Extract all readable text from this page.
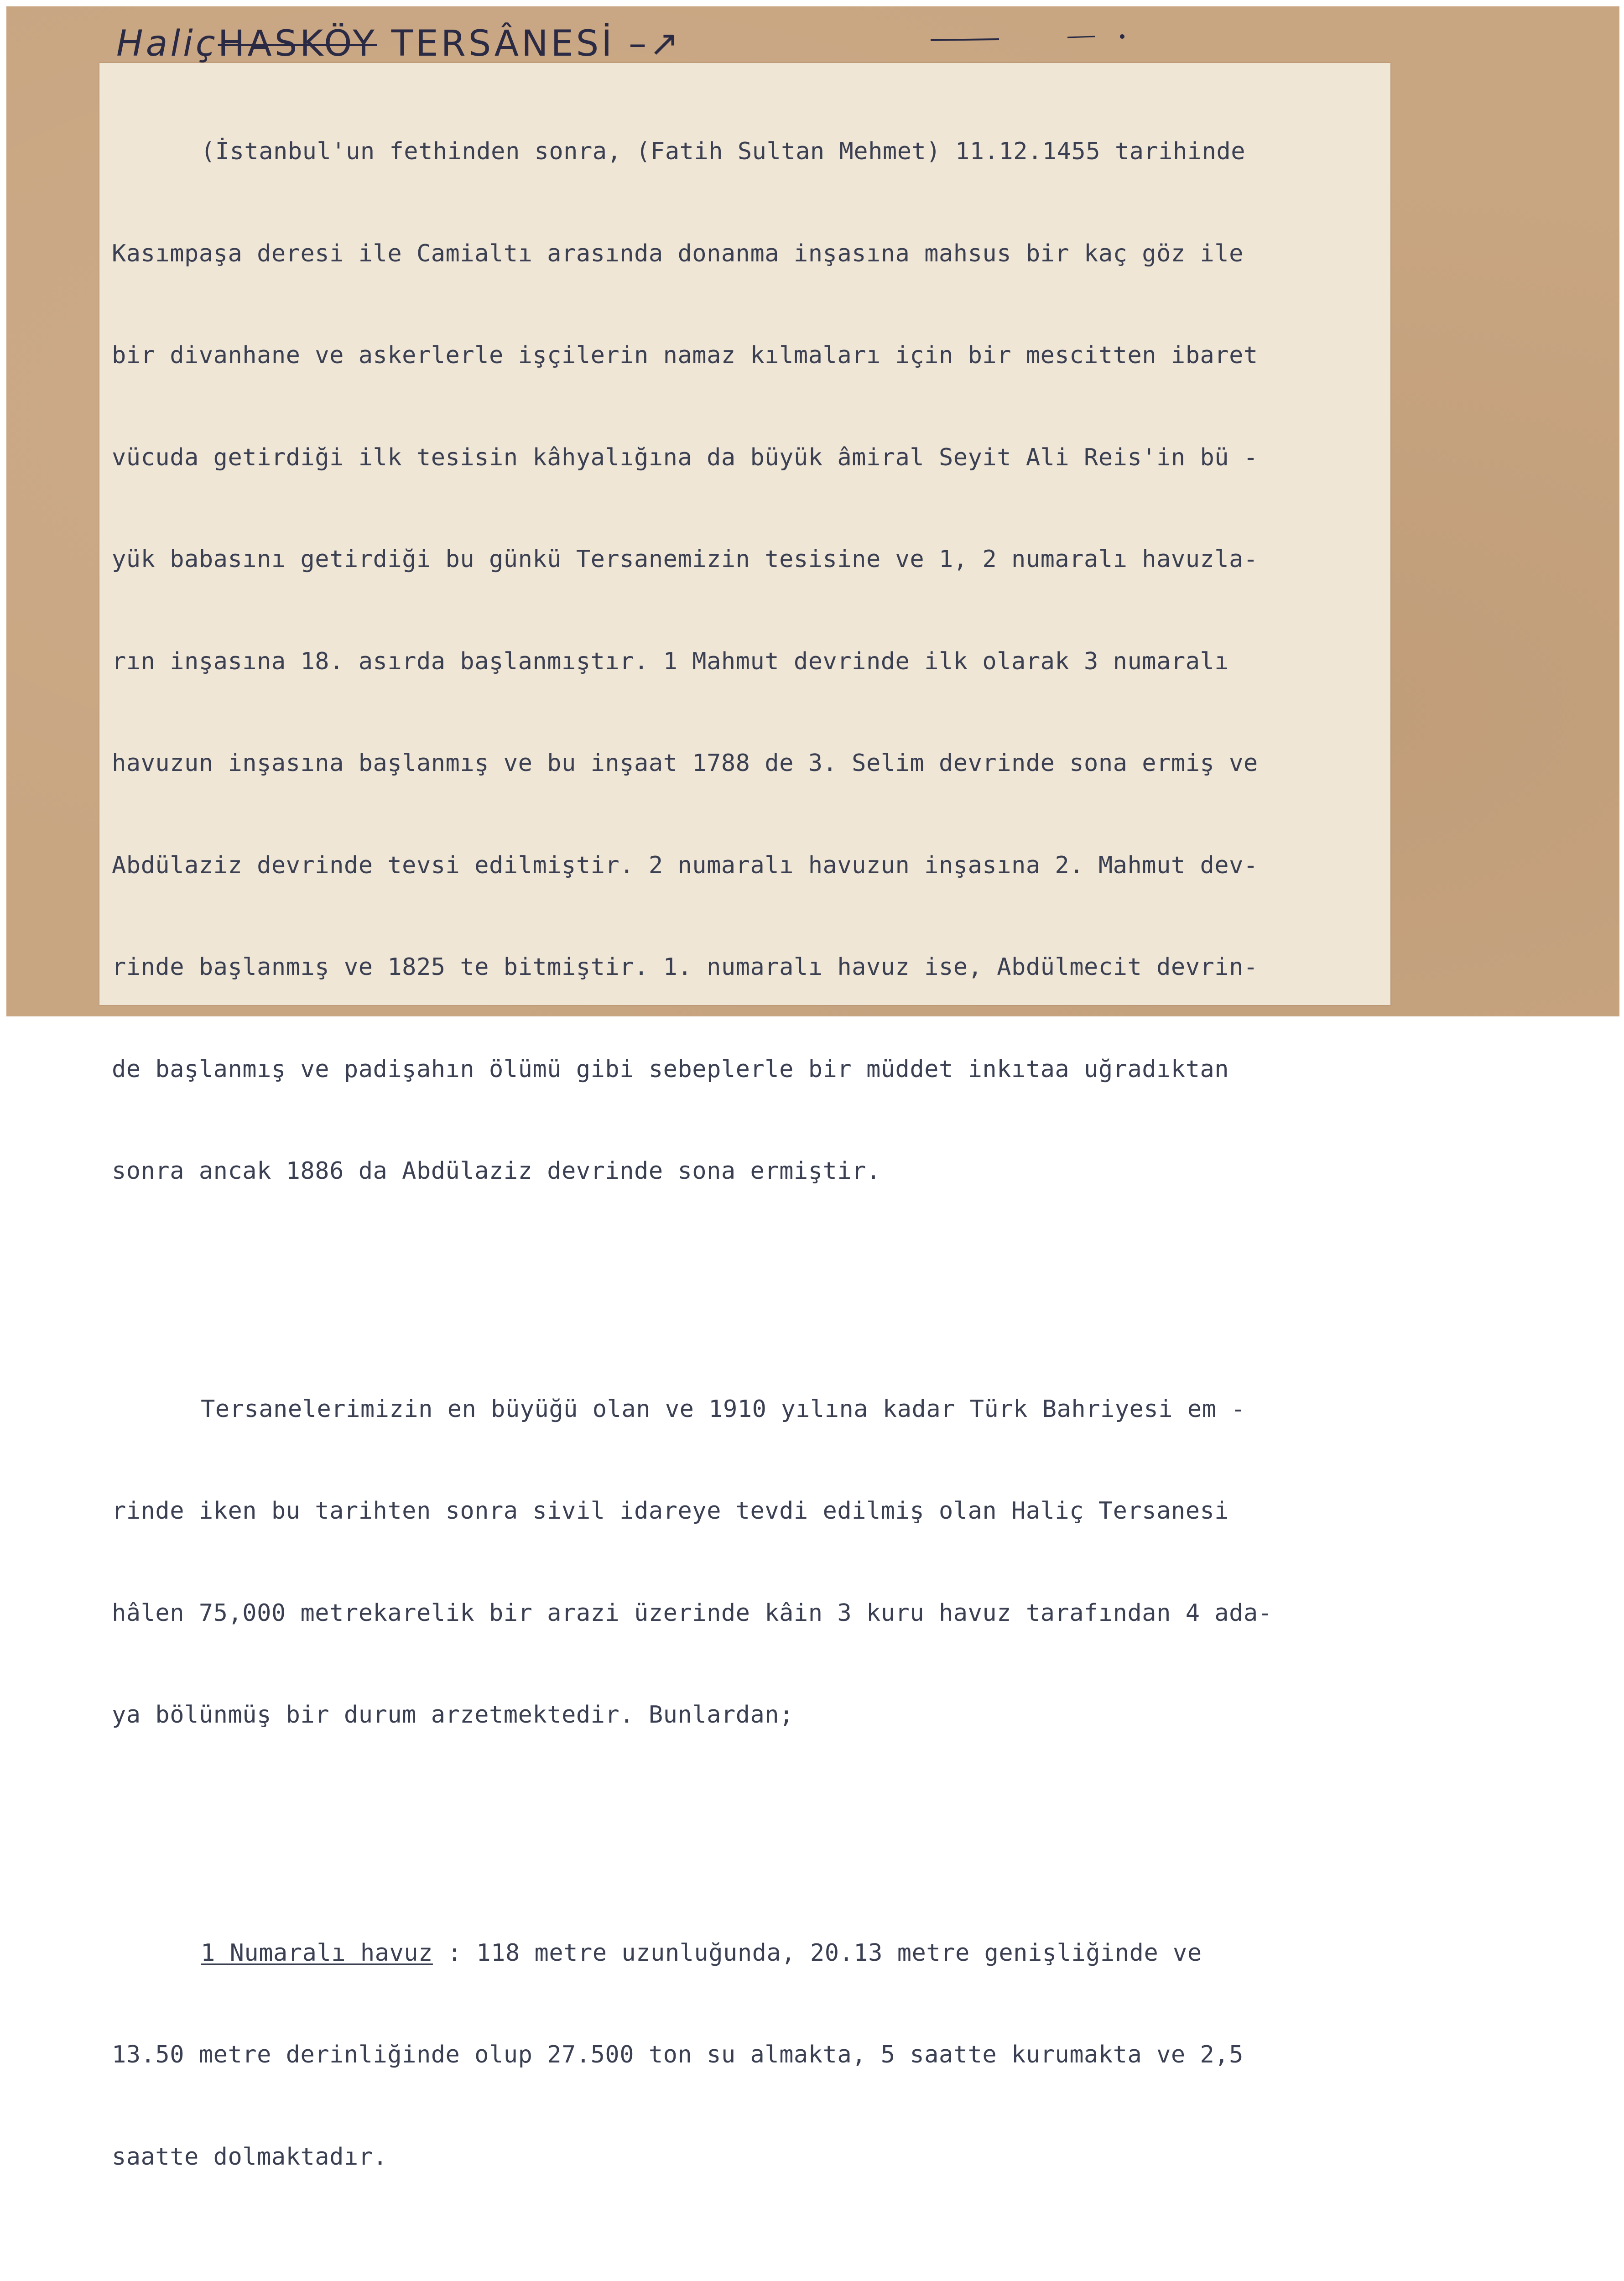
HaliçHASKÖY TERSÂNESİ –↗

(İstanbul'un fethinden sonra, (Fatih Sultan Mehmet) 11.12.1455 tarihinde

Kasımpaşa deresi ile Camialtı arasında donanma inşasına mahsus bir kaç göz ile

bir divanhane ve askerlerle işçilerin namaz kılmaları için bir mescitten ibaret

vücuda getirdiği ilk tesisin kâhyalığına da büyük âmiral Seyit Ali Reis'in bü -

yük babasını getirdiği bu günkü Tersanemizin tesisine ve 1, 2 numaralı havuzla-

rın inşasına 18. asırda başlanmıştır. 1 Mahmut devrinde ilk olarak 3 numaralı

havuzun inşasına başlanmış ve bu inşaat 1788 de 3. Selim devrinde sona ermiş ve

Abdülaziz devrinde tevsi edilmiştir. 2 numaralı havuzun inşasına 2. Mahmut dev-

rinde başlanmış ve 1825 te bitmiştir. 1. numaralı havuz ise, Abdülmecit devrin-

de başlanmış ve padişahın ölümü gibi sebeplerle bir müddet inkıtaa uğradıktan

sonra ancak 1886 da Abdülaziz devrinde sona ermiştir.

Tersanelerimizin en büyüğü olan ve 1910 yılına kadar Türk Bahriyesi em -

rinde iken bu tarihten sonra sivil idareye tevdi edilmiş olan Haliç Tersanesi

hâlen 75,000 metrekarelik bir arazi üzerinde kâin 3 kuru havuz tarafından 4 ada-

ya bölünmüş bir durum arzetmektedir. Bunlardan;

1 Numaralı havuz : 118 metre uzunluğunda, 20.13 metre genişliğinde ve

13.50 metre derinliğinde olup 27.500 ton su almakta, 5 saatte kurumakta ve 2,5

saatte dolmaktadır.
